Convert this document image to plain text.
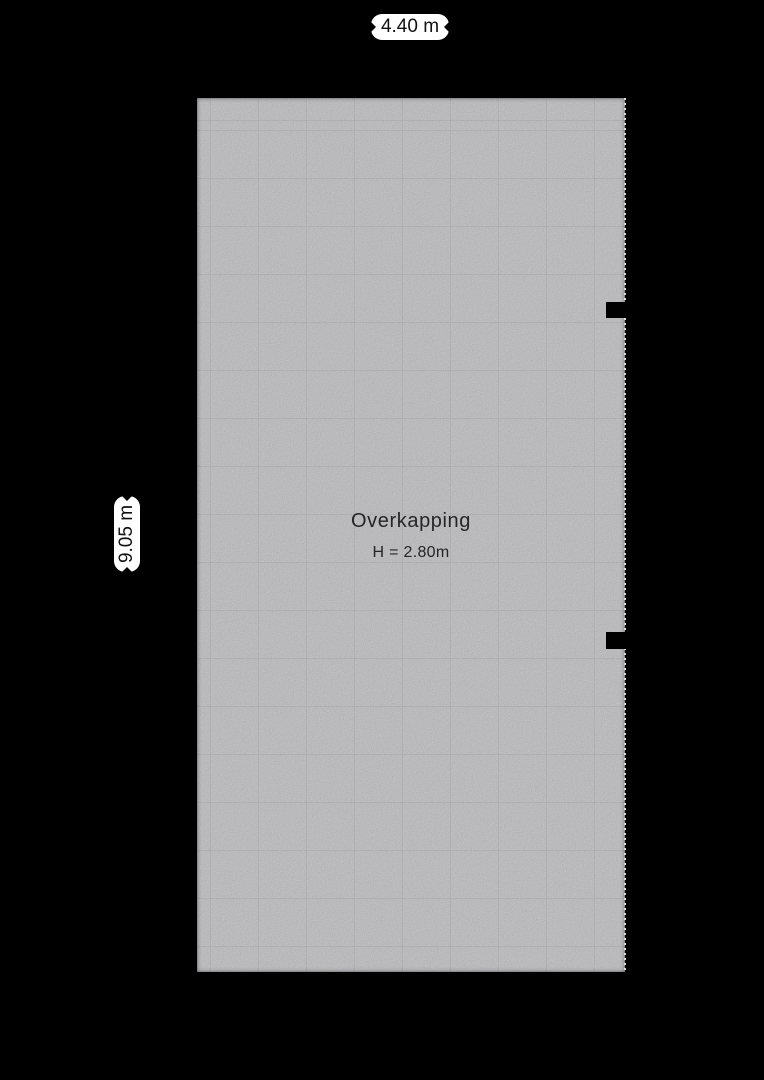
Overkapping
H = 2.80m
4.40 m
9.05 m
